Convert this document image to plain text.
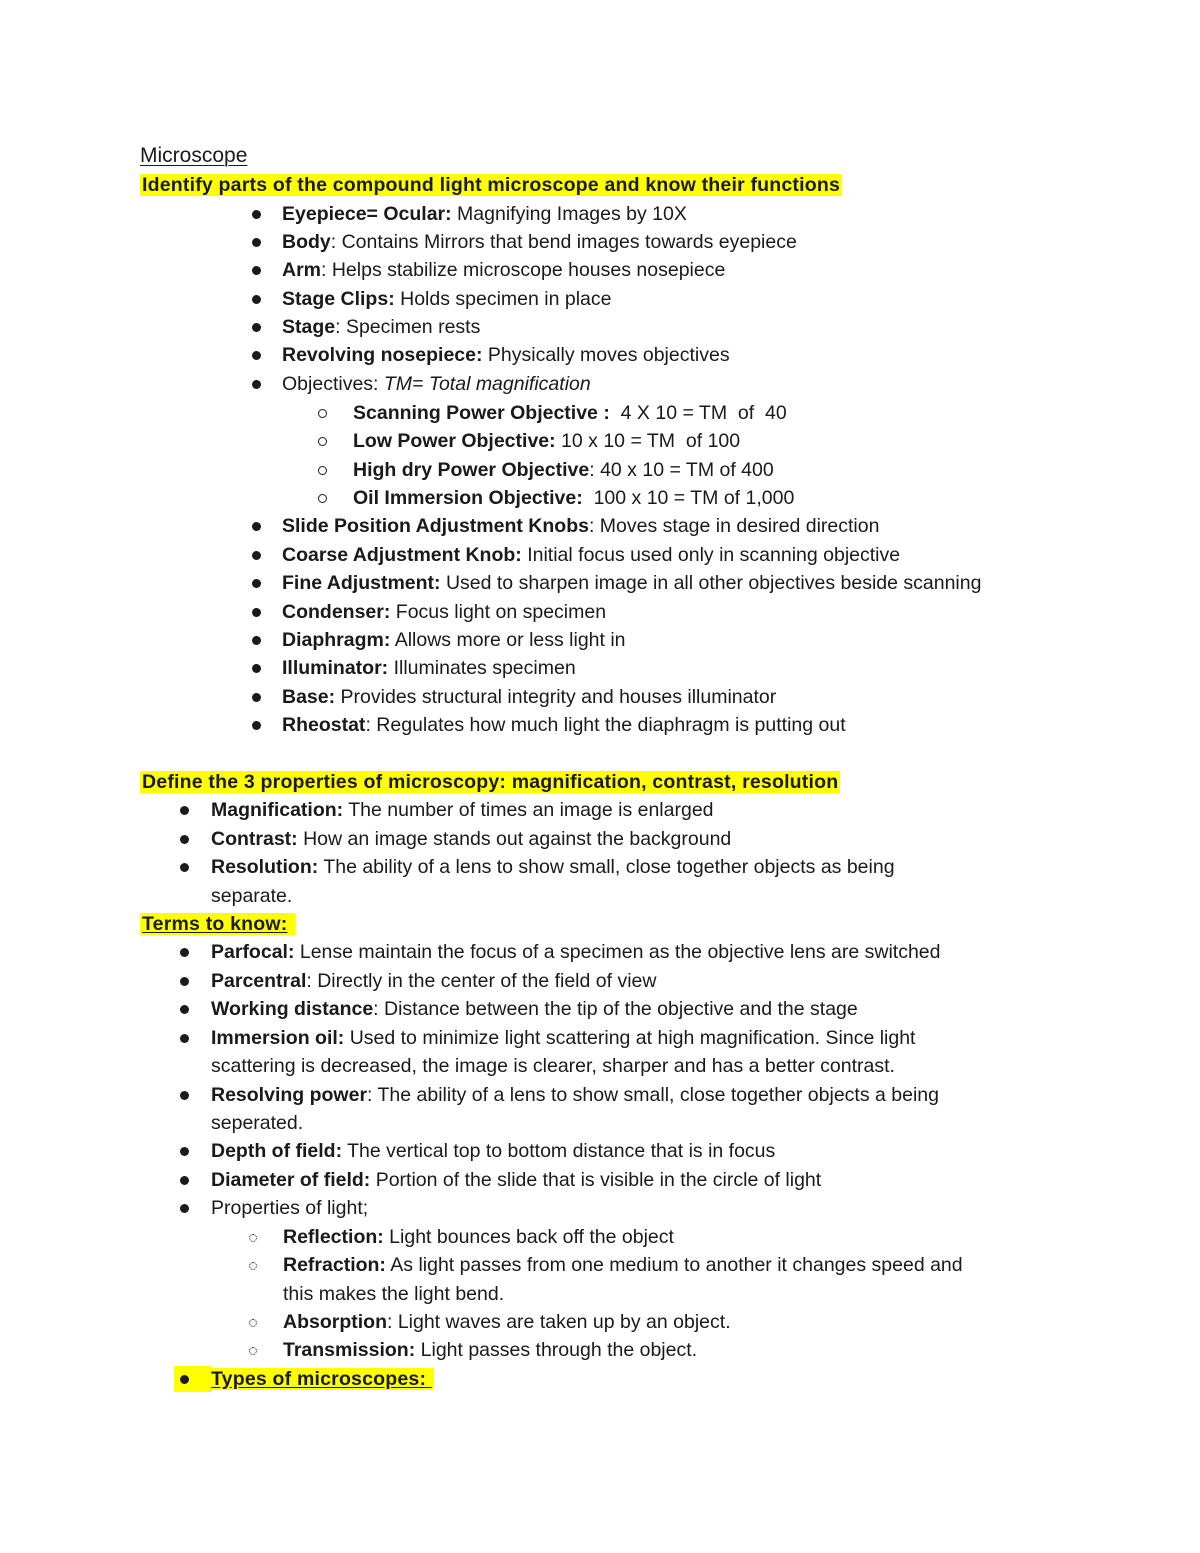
Microscope
Identify parts of the compound light microscope and know their functions
Eyepiece= Ocular: Magnifying Images by 10X
Body: Contains Mirrors that bend images towards eyepiece
Arm: Helps stabilize microscope houses nosepiece
Stage Clips: Holds specimen in place
Stage: Specimen rests
Revolving nosepiece: Physically moves objectives
Objectives: TM= Total magnification
Scanning Power Objective :  4 X 10 = TM  of  40
Low Power Objective: 10 x 10 = TM  of 100
High dry Power Objective: 40 x 10 = TM of 400
Oil Immersion Objective:  100 x 10 = TM of 1,000
Slide Position Adjustment Knobs: Moves stage in desired direction
Coarse Adjustment Knob: Initial focus used only in scanning objective
Fine Adjustment: Used to sharpen image in all other objectives beside scanning
Condenser: Focus light on specimen
Diaphragm: Allows more or less light in
Illuminator: Illuminates specimen
Base: Provides structural integrity and houses illuminator
Rheostat: Regulates how much light the diaphragm is putting out
Define the 3 properties of microscopy: magnification, contrast, resolution
Magnification: The number of times an image is enlarged
Contrast: How an image stands out against the background
Resolution: The ability of a lens to show small, close together objects as being
separate.
Terms to know:
Parfocal: Lense maintain the focus of a specimen as the objective lens are switched
Parcentral: Directly in the center of the field of view
Working distance: Distance between the tip of the objective and the stage
Immersion oil: Used to minimize light scattering at high magnification. Since light
scattering is decreased, the image is clearer, sharper and has a better contrast.
Resolving power: The ability of a lens to show small, close together objects a being
seperated.
Depth of field: The vertical top to bottom distance that is in focus
Diameter of field: Portion of the slide that is visible in the circle of light
Properties of light;
Reflection: Light bounces back off the object
Refraction: As light passes from one medium to another it changes speed and
this makes the light bend.
Absorption: Light waves are taken up by an object.
Transmission: Light passes through the object.
Types of microscopes:
